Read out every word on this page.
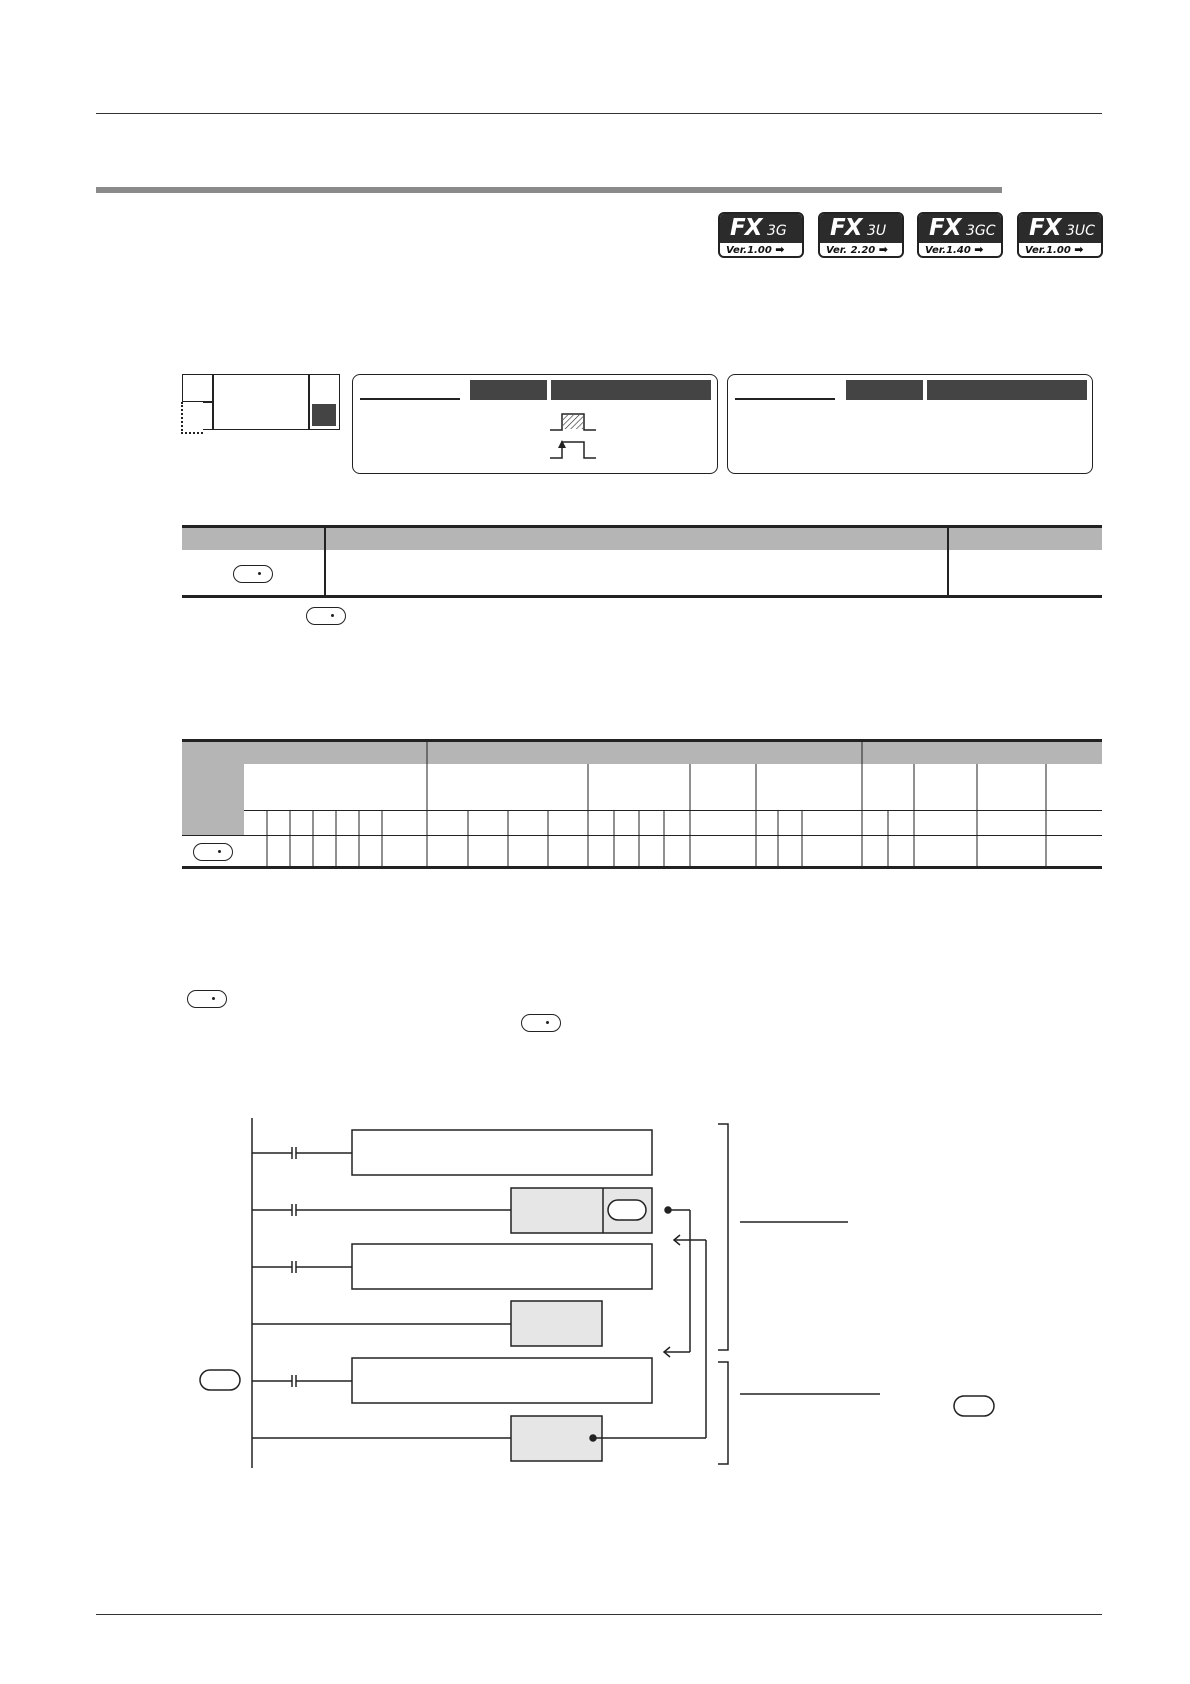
FX 3G
Ver.1.00 ➡
FX 3U
Ver. 2.20 ➡
FX 3GC
Ver.1.40 ➡
FX 3UC
Ver.1.00 ➡
